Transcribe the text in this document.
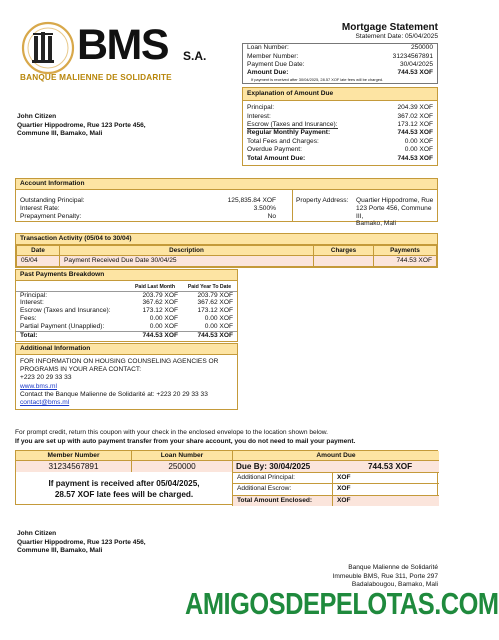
BMS S.A.
BANQUE MALIENNE DE SOLIDARITE
Mortgage Statement
Statement Date: 05/04/2025
Loan Number:	250000
Member Number:	31234567891
Payment Due Date:	30/04/2025
Amount Due:	744.53 XOF
If payment is received after 30/04/2025, 28.57 XOF late fees will be charged.
Explanation of Amount Due
Principal:	204.39 XOF
Interest:	367.02 XOF
Escrow (Taxes and Insurance):	173.12 XOF
Regular Monthly Payment:	744.53 XOF
Total Fees and Charges:	0.00 XOF
Overdue Payment:	0.00 XOF
Total Amount Due:	744.53 XOF
John Citizen
Quartier Hippodrome, Rue 123 Porte 456,
Commune III, Bamako, Mali
Account Information
Outstanding Principal:	125,835.84 XOF
Interest Rate:	3.500%
Prepayment Penalty:	No
Property Address:	Quartier Hippodrome, Rue
123 Porte 456, Commune III,
Bamako, Mali
Transaction Activity (05/04 to 30/04)
Date	Description	Charges	Payments
05/04	Payment Received Due Date 30/04/25		744.53 XOF
Past Payments Breakdown
	Paid Last Month	Paid Year To Date
Principal:	203.79 XOF	203.79 XOF
Interest:	367.62 XOF	367.62 XOF
Escrow (Taxes and Insurance):	173.12 XOF	173.12 XOF
Fees:	0.00 XOF	0.00 XOF
Partial Payment (Unapplied):	0.00 XOF	0.00 XOF
Total:	744.53 XOF	744.53 XOF
Additional Information
FOR INFORMATION ON HOUSING COUNSELING AGENCIES OR
PROGRAMS IN YOUR AREA CONTACT:
+223 20 29 33 33
www.bms.ml
Contact the Banque Malienne de Solidarité at: +223 20 29 33 33
contact@bms.ml
For prompt credit, return this coupon with your check in the enclosed envelope to the location shown below.
If you are set up with auto payment transfer from your share account, you do not need to mail your payment.
Member Number	Loan Number	Amount Due
31234567891	250000	Due By: 30/04/2025	744.53 XOF
If payment is received after 05/04/2025,
28.57 XOF late fees will be charged.
Additional Principal:	XOF
Additional Escrow:	XOF
Total Amount Enclosed:	XOF
John Citizen
Quartier Hippodrome, Rue 123 Porte 456,
Commune III, Bamako, Mali
Banque Malienne de Solidarité
Immeuble BMS, Rue 311, Porte 297
Badalabougou, Bamako, Mali
AMIGOSDEPELOTAS.COM
